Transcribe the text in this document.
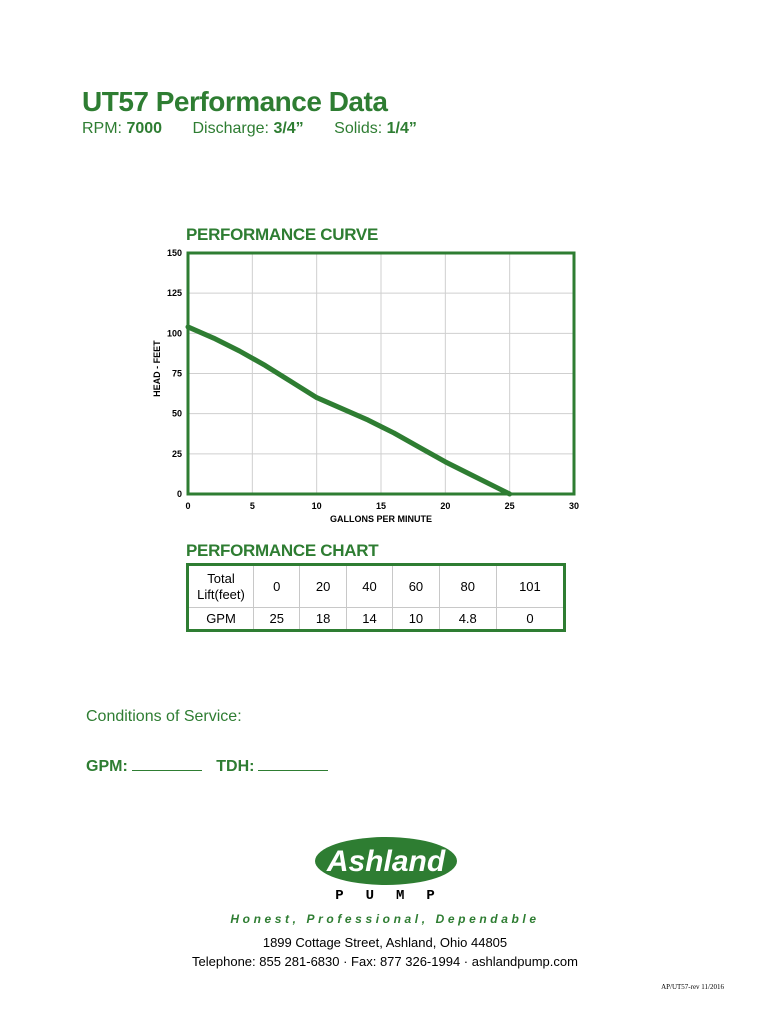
UT57 Performance Data
RPM: 7000 Discharge: 3/4” Solids: 1/4”
PERFORMANCE CURVE
0	5	10	15	20	25	30
0
25
50
75
100
125
150
GALLONS PER MINUTE
HEAD - FEET
PERFORMANCE CHART
Total
Lift(feet)	0	20	40	60	80	101
GPM	25	18	14	10	4.8	0
Conditions of Service:
GPM:	TDH:
Ashland
PUMP
Honest, Professional, Dependable
1899 Cottage Street, Ashland, Ohio 44805
Telephone: 855 281-6830 · Fax: 877 326-1994 · ashlandpump.com
AP/UT57-rev 11/2016
